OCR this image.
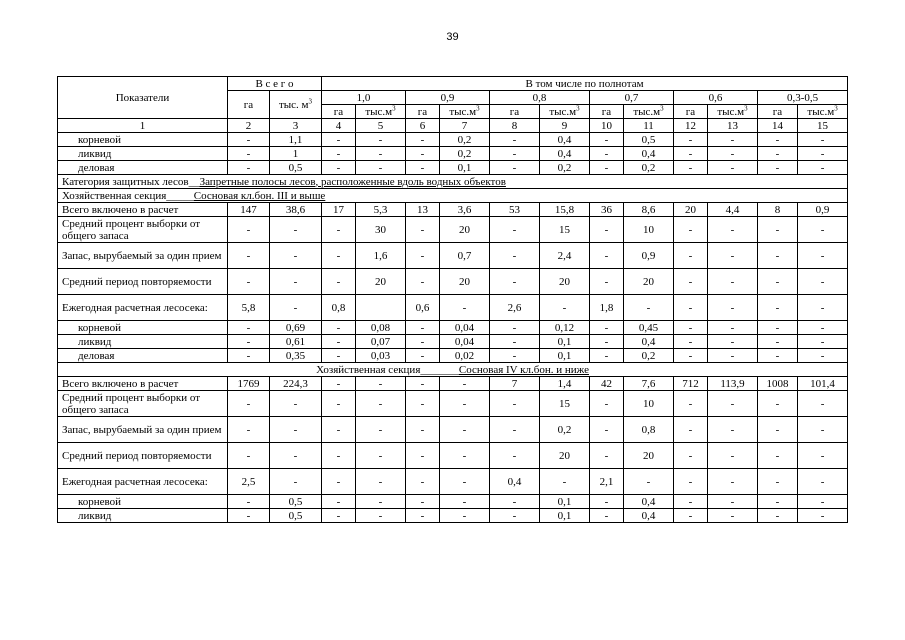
39
Показатели	В с е г о		В том числе по полнотам											
	га	тыс. $м^3$	1,0		0,9		0,8		0,7		0,6		0,3-0,5	
			га	$тыс.м^3$	га	$тыс.м^3$	га	$тыс.м^3$	га	$тыс.м^3$	га	$тыс.м^3$	га	$тыс.м^3$
1	2	3	4	5	6	7	8	9	10	11	12	13	14	15
корневой	-	1,1	-	-	-	0,2	-	0,4	-	0,5	-	-	-	-
ликвид	-	1	-	-	-	0,2	-	0,4	-	0,4	-	-	-	-
деловая	-	0,5	-	-	-	0,1	-	0,2	-	0,2	-	-	-	-
Категория защитных лесов__Запретные полосы лесов, расположенные вдоль водных объектов														
Хозяйственная секция_____Сосновая кл.бон. III и выше														
Всего включено в расчет	147	38,6	17	5,3	13	3,6	53	15,8	36	8,6	20	4,4	8	0,9
Средний процент выборки от общего запаса	-	-	-	30	-	20	-	15	-	10	-	-	-	-
Запас, вырубаемый за один прием	-	-	-	1,6	-	0,7	-	2,4	-	0,9	-	-	-	-
Средний период повторяемости	-	-	-	20	-	20	-	20	-	20	-	-	-	-
Ежегодная расчетная лесосека:	5,8	-	0,8		0,6	-	2,6	-	1,8	-	-	-	-	-
корневой	-	0,69	-	0,08	-	0,04	-	0,12	-	0,45	-	-	-	-
ликвид	-	0,61	-	0,07	-	0,04	-	0,1	-	0,4	-	-	-	-
деловая	-	0,35	-	0,03	-	0,02	-	0,1	-	0,2	-	-	-	-
Хозяйственная секция_______Сосновая IV кл.бон. и ниже														
Всего включено в расчет	1769	224,3	-	-	-	-	7	1,4	42	7,6	712	113,9	1008	101,4
Средний процент выборки от общего запаса	-	-	-	-	-	-	-	15	-	10	-	-	-	-
Запас, вырубаемый за один прием	-	-	-	-	-	-	-	0,2	-	0,8	-	-	-	-
Средний период повторяемости	-	-	-	-	-	-	-	20	-	20	-	-	-	-
Ежегодная расчетная лесосека:	2,5	-	-	-	-	-	0,4	-	2,1	-	-	-	-	-
корневой	-	0,5	-	-	-	-	-	0,1	-	0,4	-	-	-	-
ликвид	-	0,5	-	-	-	-	-	0,1	-	0,4	-	-	-	-
